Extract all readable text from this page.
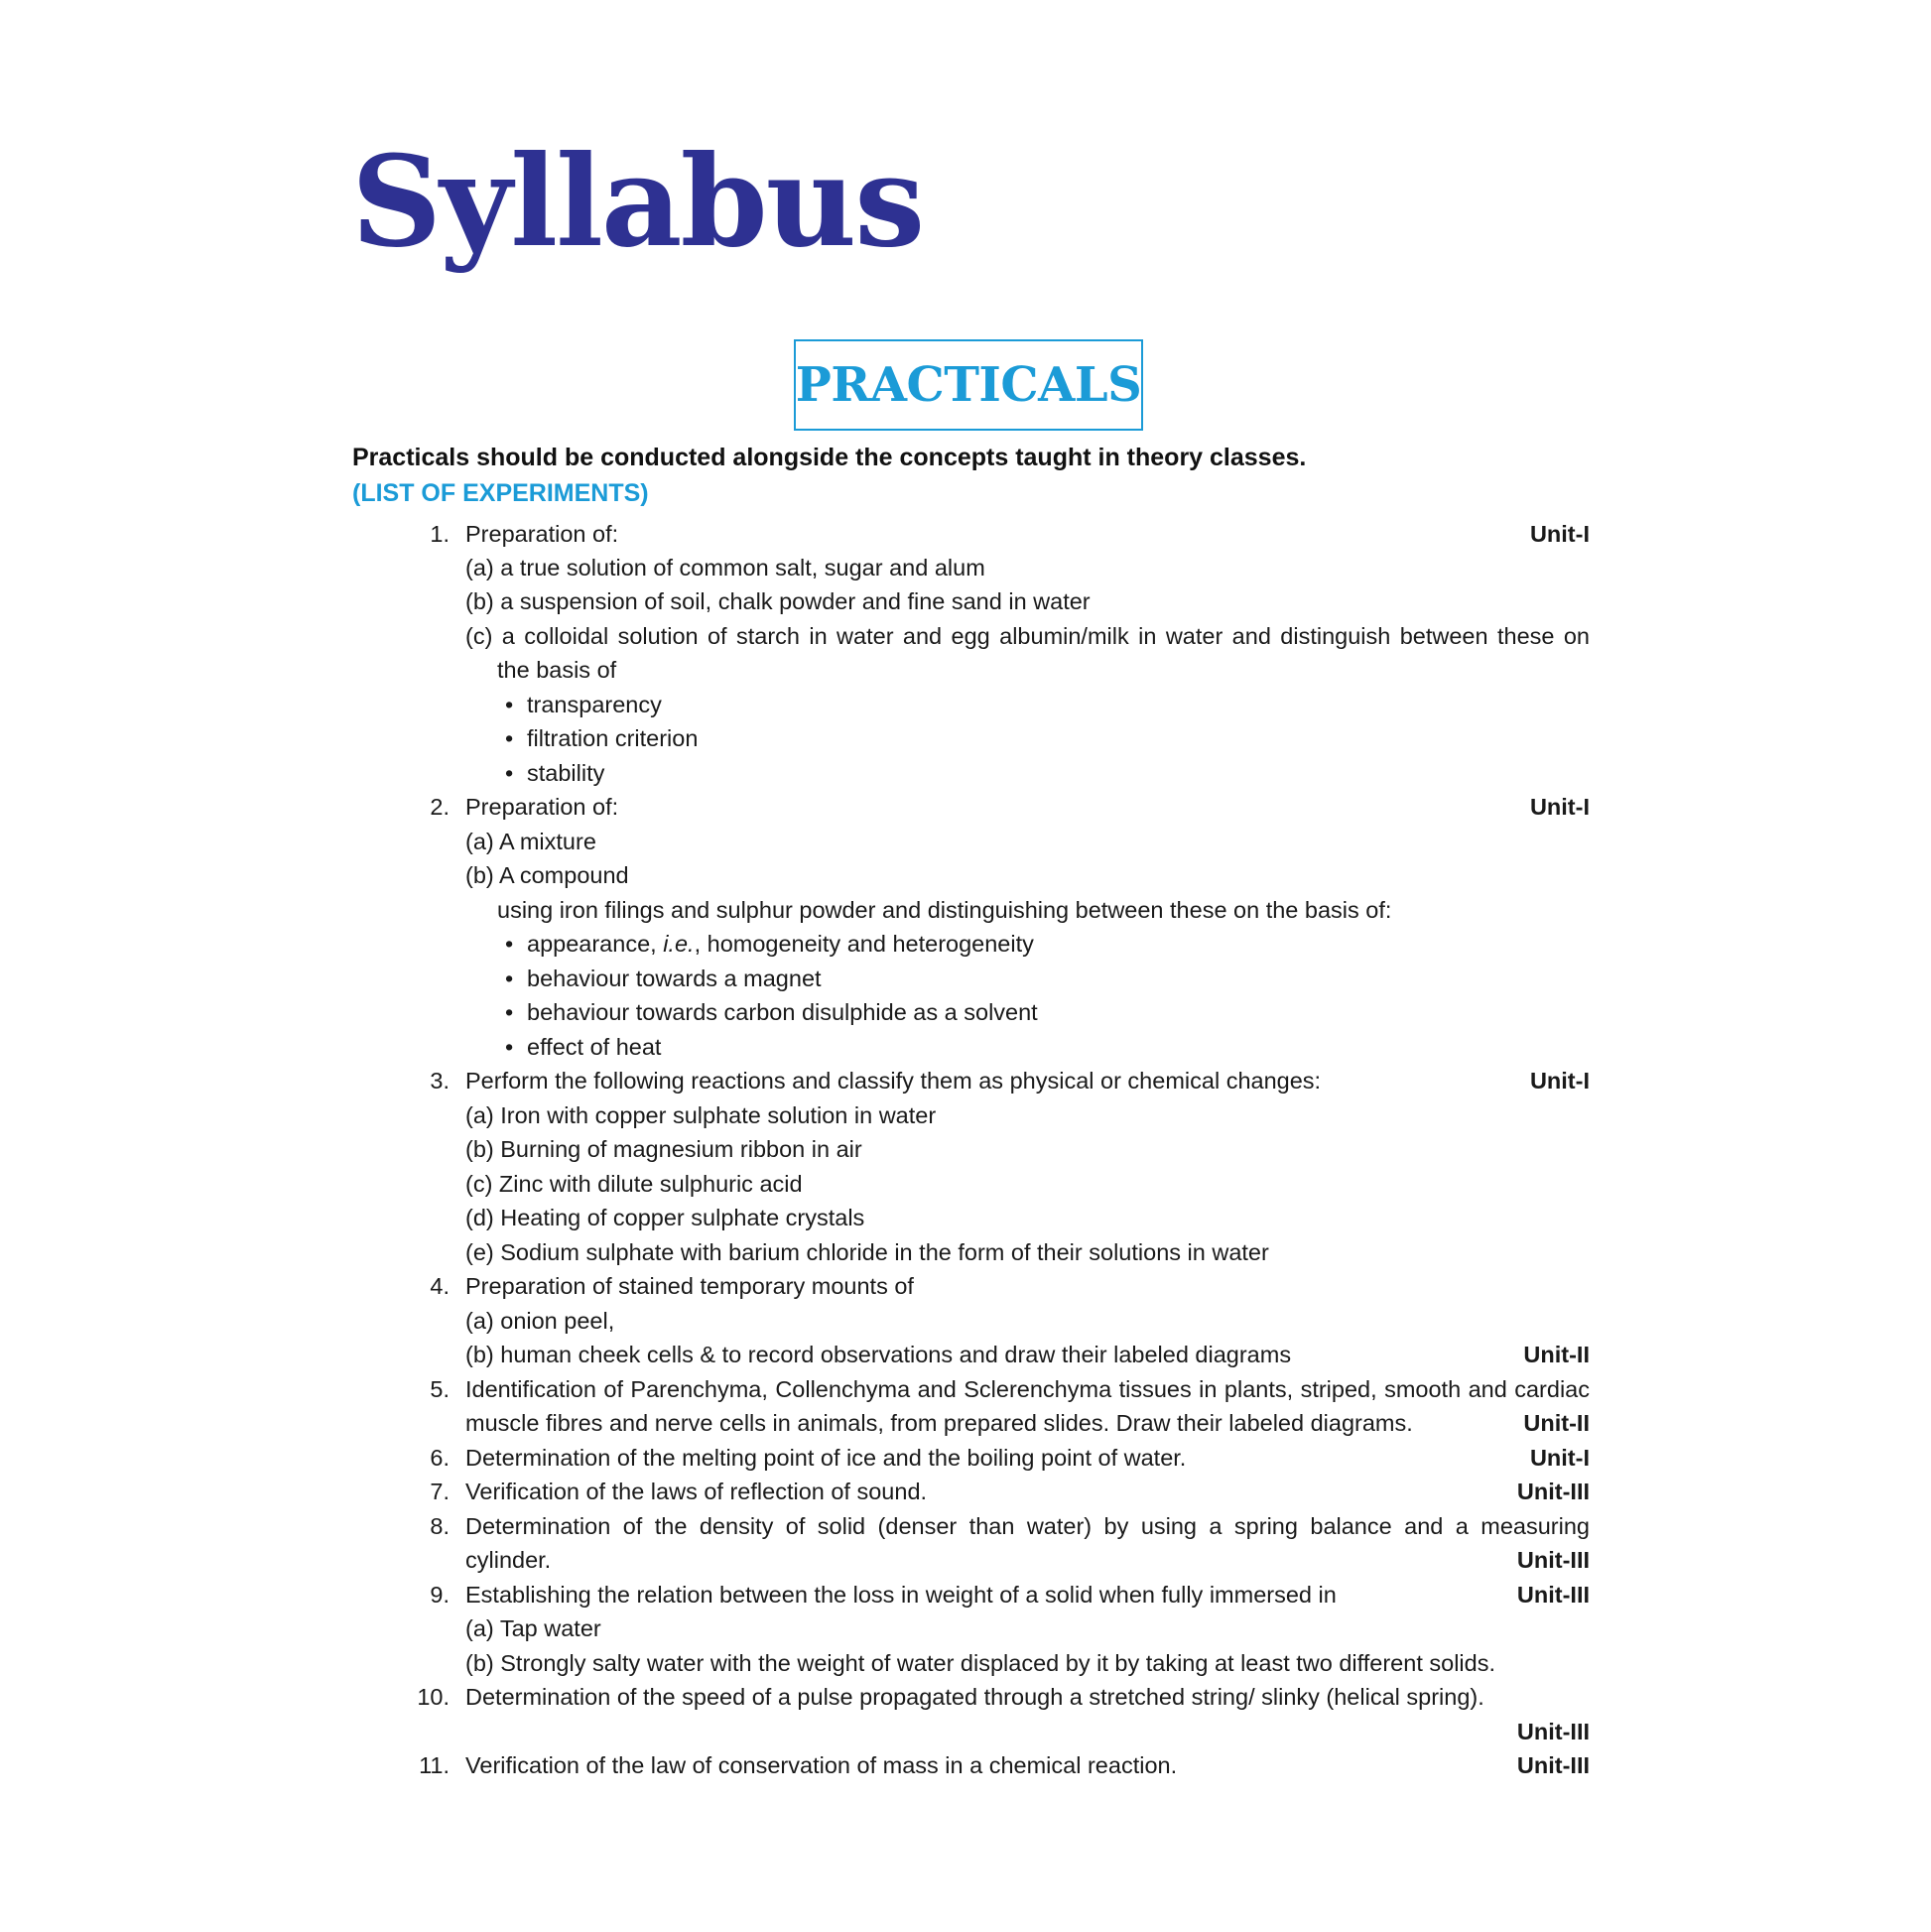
Syllabus
PRACTICALS

Practicals should be conducted alongside the concepts taught in theory classes.

(LIST OF EXPERIMENTS)

1. Preparation of:	Unit-I
(a) a true solution of common salt, sugar and alum
(b) a suspension of soil, chalk powder and fine sand in water
(c) a colloidal solution of starch in water and egg albumin/milk in water and distinguish between these on
the basis of
• transparency
• filtration criterion
• stability
2. Preparation of:	Unit-I
(a) A mixture
(b) A compound
using iron filings and sulphur powder and distinguishing between these on the basis of:
• appearance, i.e., homogeneity and heterogeneity
• behaviour towards a magnet
• behaviour towards carbon disulphide as a solvent
• effect of heat
3. Perform the following reactions and classify them as physical or chemical changes:	Unit-I
(a) Iron with copper sulphate solution in water
(b) Burning of magnesium ribbon in air
(c) Zinc with dilute sulphuric acid
(d) Heating of copper sulphate crystals
(e) Sodium sulphate with barium chloride in the form of their solutions in water
4. Preparation of stained temporary mounts of
(a) onion peel,
(b) human cheek cells & to record observations and draw their labeled diagrams	Unit-II
5. Identification of Parenchyma, Collenchyma and Sclerenchyma tissues in plants, striped, smooth and cardiac
muscle fibres and nerve cells in animals, from prepared slides. Draw their labeled diagrams.	Unit-II
6. Determination of the melting point of ice and the boiling point of water.	Unit-I
7. Verification of the laws of reflection of sound.	Unit-III
8. Determination of the density of solid (denser than water) by using a spring balance and a measuring
cylinder.	Unit-III
9. Establishing the relation between the loss in weight of a solid when fully immersed in	Unit-III
(a) Tap water
(b) Strongly salty water with the weight of water displaced by it by taking at least two different solids.
10. Determination of the speed of a pulse propagated through a stretched string/ slinky (helical spring).
Unit-III
11. Verification of the law of conservation of mass in a chemical reaction.	Unit-III
